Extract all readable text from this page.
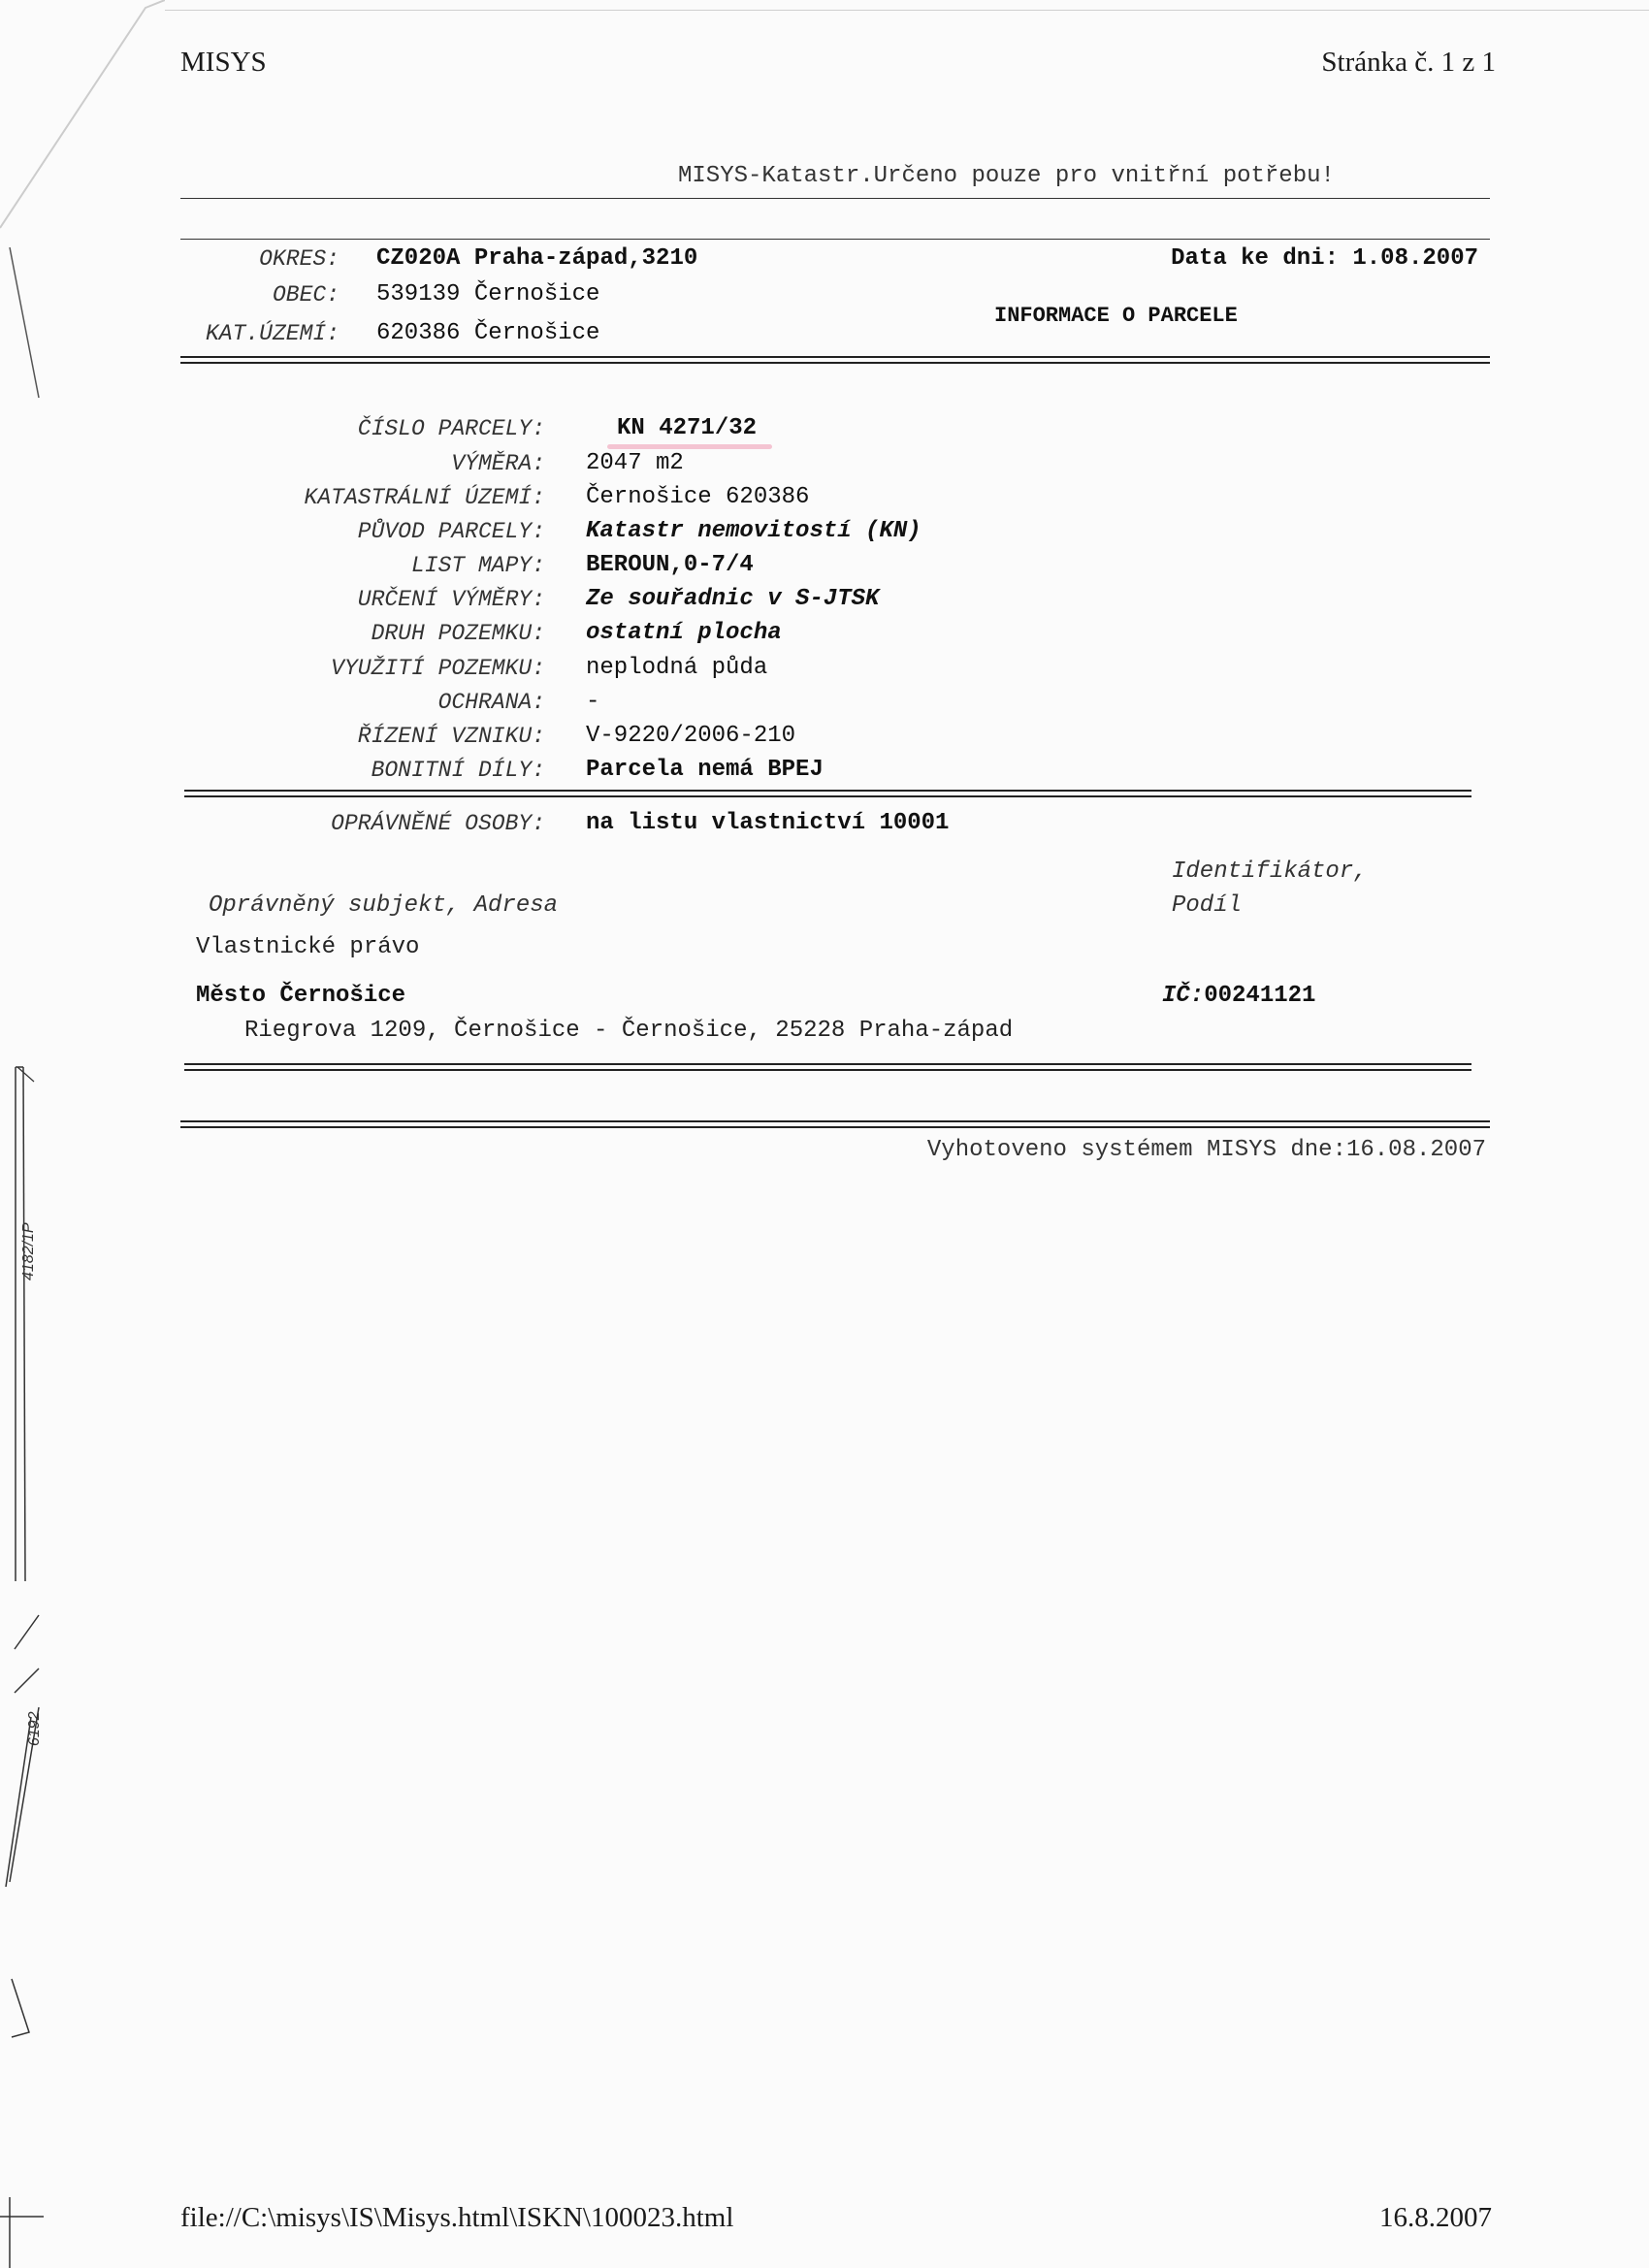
4182/1P
6192
MISYS	Stránka č. 1 z 1
MISYS-Katastr.Určeno pouze pro vnitřní potřebu!
OKRES: CZ020A Praha-západ,3210	Data ke dni: 1.08.2007
OBEC: 539139 Černošice
INFORMACE O PARCELE
KAT.ÚZEMÍ: 620386 Černošice
ČÍSLO PARCELY:	KN 4271/32
VÝMĚRA: 2047 m2
KATASTRÁLNÍ ÚZEMÍ: Černošice 620386
PŮVOD PARCELY: Katastr nemovitostí (KN)
LIST MAPY: BEROUN,0-7/4
URČENÍ VÝMĚRY: Ze souřadnic v S-JTSK
DRUH POZEMKU: ostatní plocha
VYUŽITÍ POZEMKU: neplodná půda
OCHRANA: -
ŘÍZENÍ VZNIKU: V-9220/2006-210
BONITNÍ DÍLY: Parcela nemá BPEJ
OPRÁVNĚNÉ OSOBY: na listu vlastnictví 10001
Identifikátor,
Oprávněný subjekt, Adresa	Podíl
Vlastnické právo
Město Černošice	IČ:00241121
Riegrova 1209, Černošice - Černošice, 25228 Praha-západ
Vyhotoveno systémem MISYS dne:16.08.2007
file://C:\misys\IS\Misys.html\ISKN\100023.html	16.8.2007
